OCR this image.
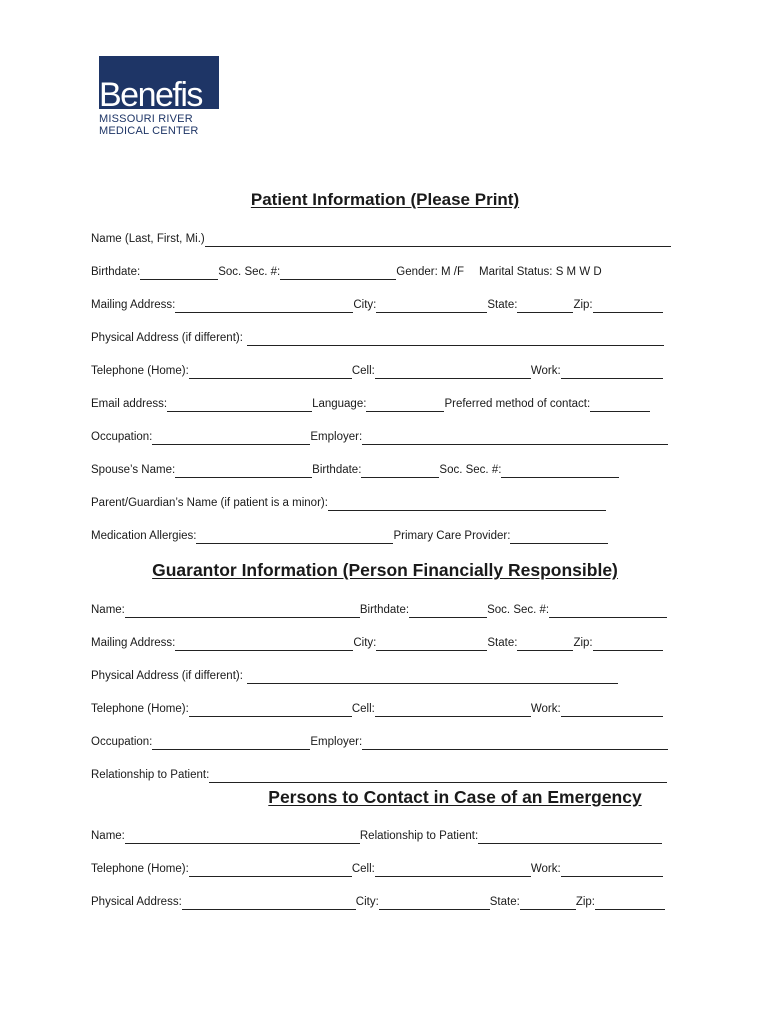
Benefis
MISSOURI RIVER
MEDICAL CENTER
Patient Information (Please Print)
Name (Last, First, Mi.)
Birthdate:	Soc. Sec. #:	Gender: M /F Marital Status: S M W D
Mailing Address:	City:	State:	Zip:
Physical Address (if different):
Telephone (Home):	Cell:	Work:
Email address:	Language:	Preferred method of contact:
Occupation:	Employer:
Spouse’s Name:	Birthdate:	Soc. Sec. #:
Parent/Guardian’s Name (if patient is a minor):
Medication Allergies:	Primary Care Provider:
Guarantor Information (Person Financially Responsible)
Name:	Birthdate:	Soc. Sec. #:
Mailing Address:	City:	State:	Zip:
Physical Address (if different):
Telephone (Home):	Cell:	Work:
Occupation:	Employer:
Relationship to Patient:
Persons to Contact in Case of an Emergency
Name:	Relationship to Patient:
Telephone (Home):	Cell:	Work:
Physical Address:	City:	State:	Zip:
